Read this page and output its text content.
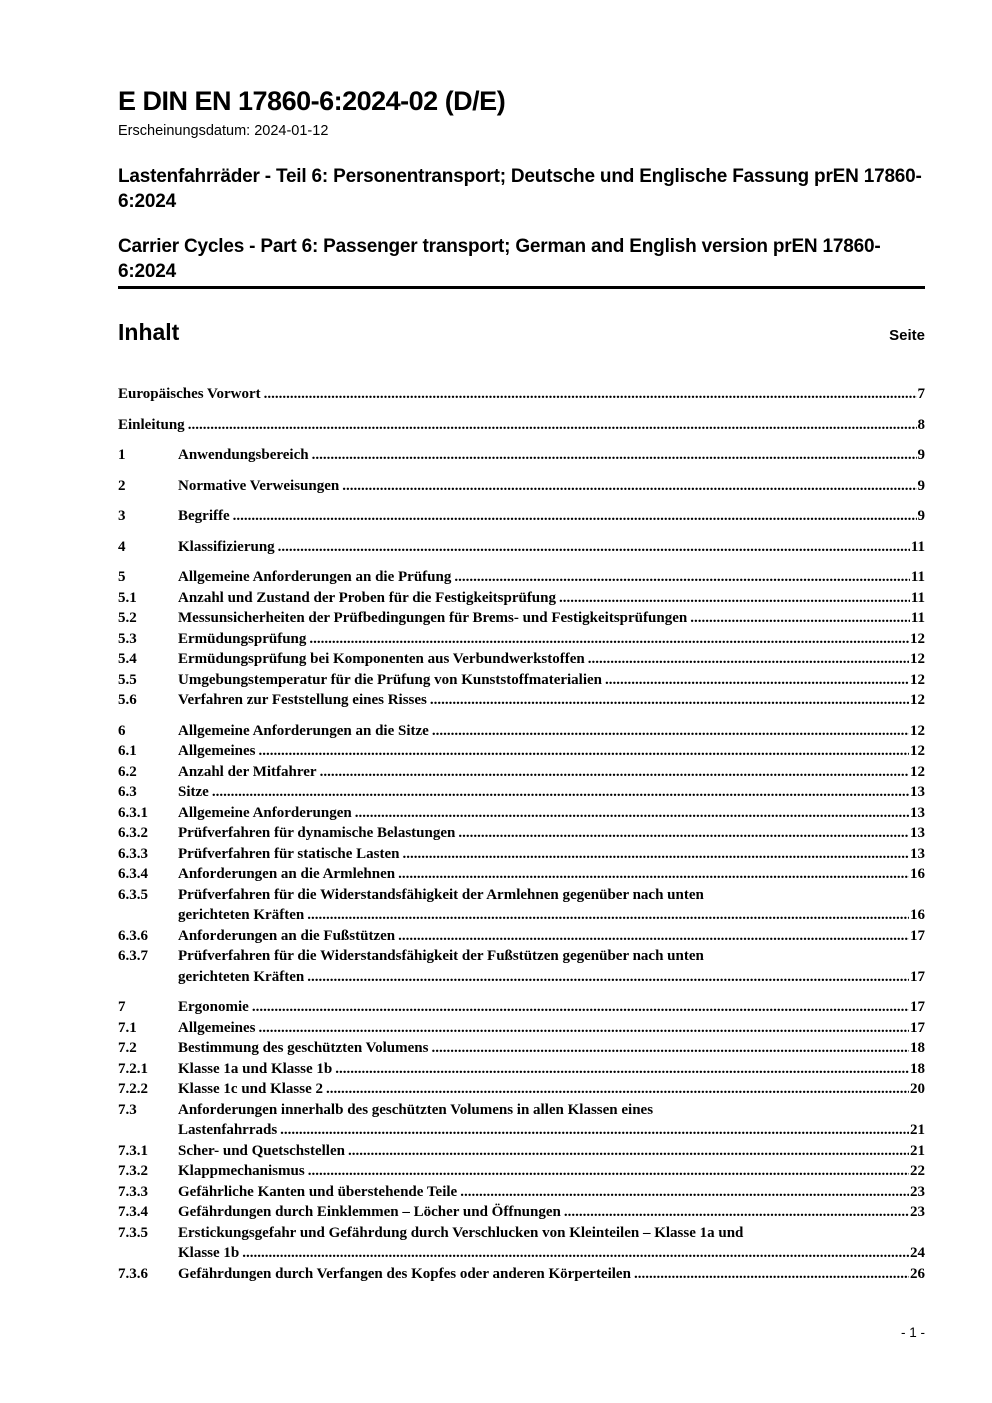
E DIN EN 17860-6:2024-02 (D/E)
Erscheinungsdatum: 2024-01-12

Lastenfahrräder - Teil 6: Personentransport; Deutsche und Englische Fassung prEN 17860-6:2024

Carrier Cycles - Part 6: Passenger transport; German and English version prEN 17860-6:2024

Inhalt	Seite
Europäisches Vorwort .....	7
Einleitung .....	8
1	Anwendungsbereich .....	9
2	Normative Verweisungen .....	9
3	Begriffe .....	9
4	Klassifizierung .....	11
5	Allgemeine Anforderungen an die Prüfung .....	11
5.1	Anzahl und Zustand der Proben für die Festigkeitsprüfung .....	11
5.2	Messunsicherheiten der Prüfbedingungen für Brems- und Festigkeitsprüfungen .....	11
5.3	Ermüdungsprüfung .....	12
5.4	Ermüdungsprüfung bei Komponenten aus Verbundwerkstoffen .....	12
5.5	Umgebungstemperatur für die Prüfung von Kunststoffmaterialien .....	12
5.6	Verfahren zur Feststellung eines Risses .....	12
6	Allgemeine Anforderungen an die Sitze .....	12
6.1	Allgemeines .....	12
6.2	Anzahl der Mitfahrer .....	12
6.3	Sitze .....	13
6.3.1	Allgemeine Anforderungen .....	13
6.3.2	Prüfverfahren für dynamische Belastungen .....	13
6.3.3	Prüfverfahren für statische Lasten .....	13
6.3.4	Anforderungen an die Armlehnen .....	16
6.3.5	Prüfverfahren für die Widerstandsfähigkeit der Armlehnen gegenüber nach unten
gerichteten Kräften .....	16
6.3.6	Anforderungen an die Fußstützen .....	17
6.3.7	Prüfverfahren für die Widerstandsfähigkeit der Fußstützen gegenüber nach unten
gerichteten Kräften .....	17
7	Ergonomie .....	17
7.1	Allgemeines .....	17
7.2	Bestimmung des geschützten Volumens .....	18
7.2.1	Klasse 1a und Klasse 1b .....	18
7.2.2	Klasse 1c und Klasse 2 .....	20
7.3	Anforderungen innerhalb des geschützten Volumens in allen Klassen eines
Lastenfahrrads .....	21
7.3.1	Scher- und Quetschstellen .....	21
7.3.2	Klappmechanismus .....	22
7.3.3	Gefährliche Kanten und überstehende Teile .....	23
7.3.4	Gefährdungen durch Einklemmen – Löcher und Öffnungen .....	23
7.3.5	Erstickungsgefahr und Gefährdung durch Verschlucken von Kleinteilen – Klasse 1a und
Klasse 1b .....	24
7.3.6	Gefährdungen durch Verfangen des Kopfes oder anderen Körperteilen .....	26
- 1 -
